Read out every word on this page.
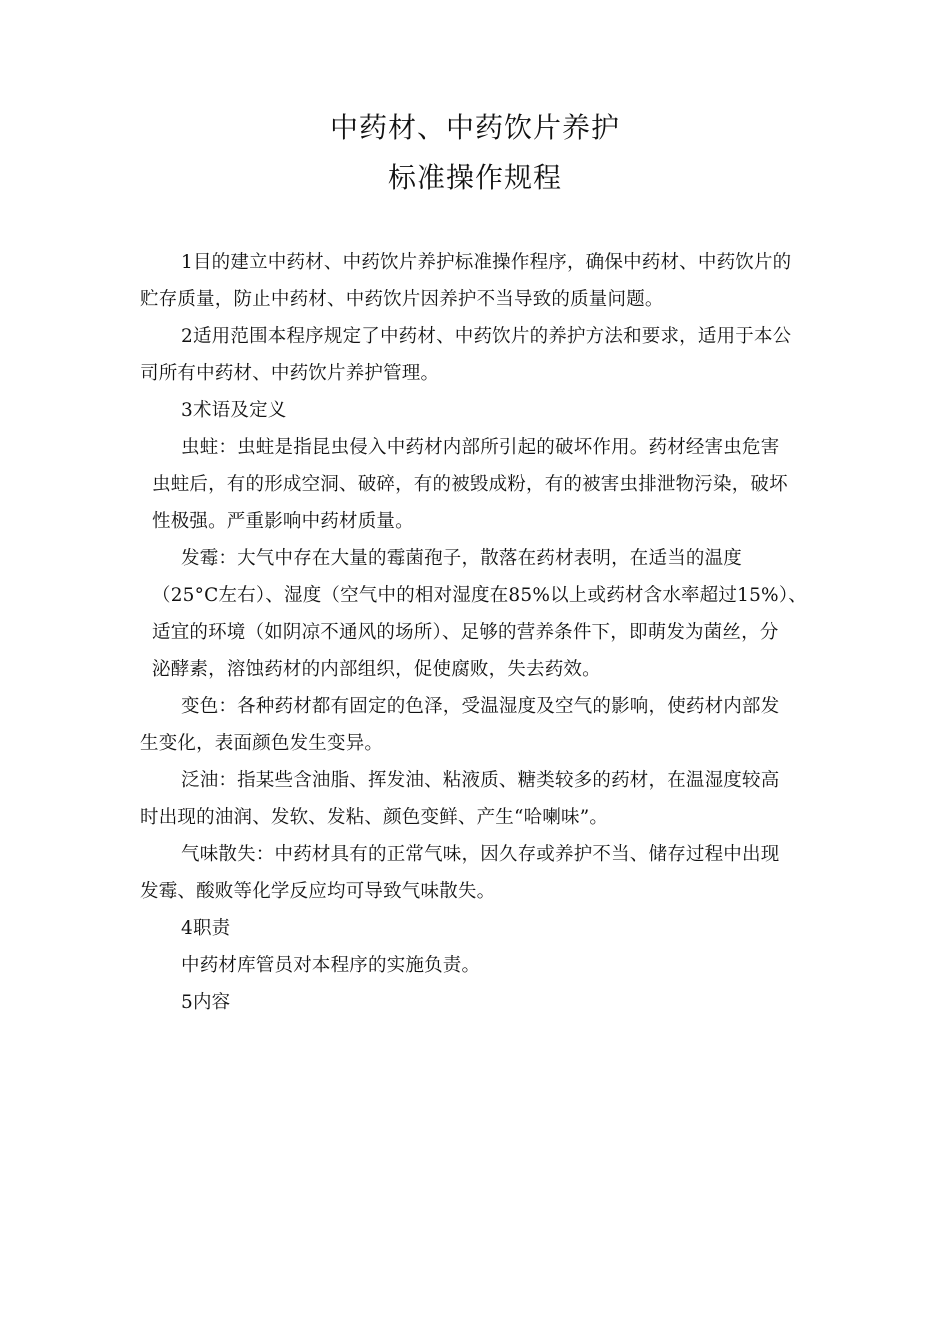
中药材、中药饮片养护
标准操作规程
1目的建立中药材、中药饮片养护标准操作程序，确保中药材、中药饮片的
贮存质量，防止中药材、中药饮片因养护不当导致的质量问题。
2适用范围本程序规定了中药材、中药饮片的养护方法和要求，适用于本公
司所有中药材、中药饮片养护管理。
3术语及定义
虫蛀：虫蛀是指昆虫侵入中药材内部所引起的破坏作用。药材经害虫危害
虫蛀后，有的形成空洞、破碎，有的被毁成粉，有的被害虫排泄物污染，破坏
性极强。严重影响中药材质量。
发霉：大气中存在大量的霉菌孢子，散落在药材表明，在适当的温度
（25°C左右）、湿度（空气中的相对湿度在85%以上或药材含水率超过15%）、
适宜的环境（如阴凉不通风的场所）、足够的营养条件下，即萌发为菌丝，分
泌酵素，溶蚀药材的内部组织，促使腐败，失去药效。
变色：各种药材都有固定的色泽，受温湿度及空气的影响，使药材内部发
生变化，表面颜色发生变异。
泛油：指某些含油脂、挥发油、粘液质、糖类较多的药材，在温湿度较高
时出现的油润、发软、发粘、颜色变鲜、产生“哈喇味”。
气味散失：中药材具有的正常气味，因久存或养护不当、储存过程中出现
发霉、酸败等化学反应均可导致气味散失。
4职责
中药材库管员对本程序的实施负责。
5内容
